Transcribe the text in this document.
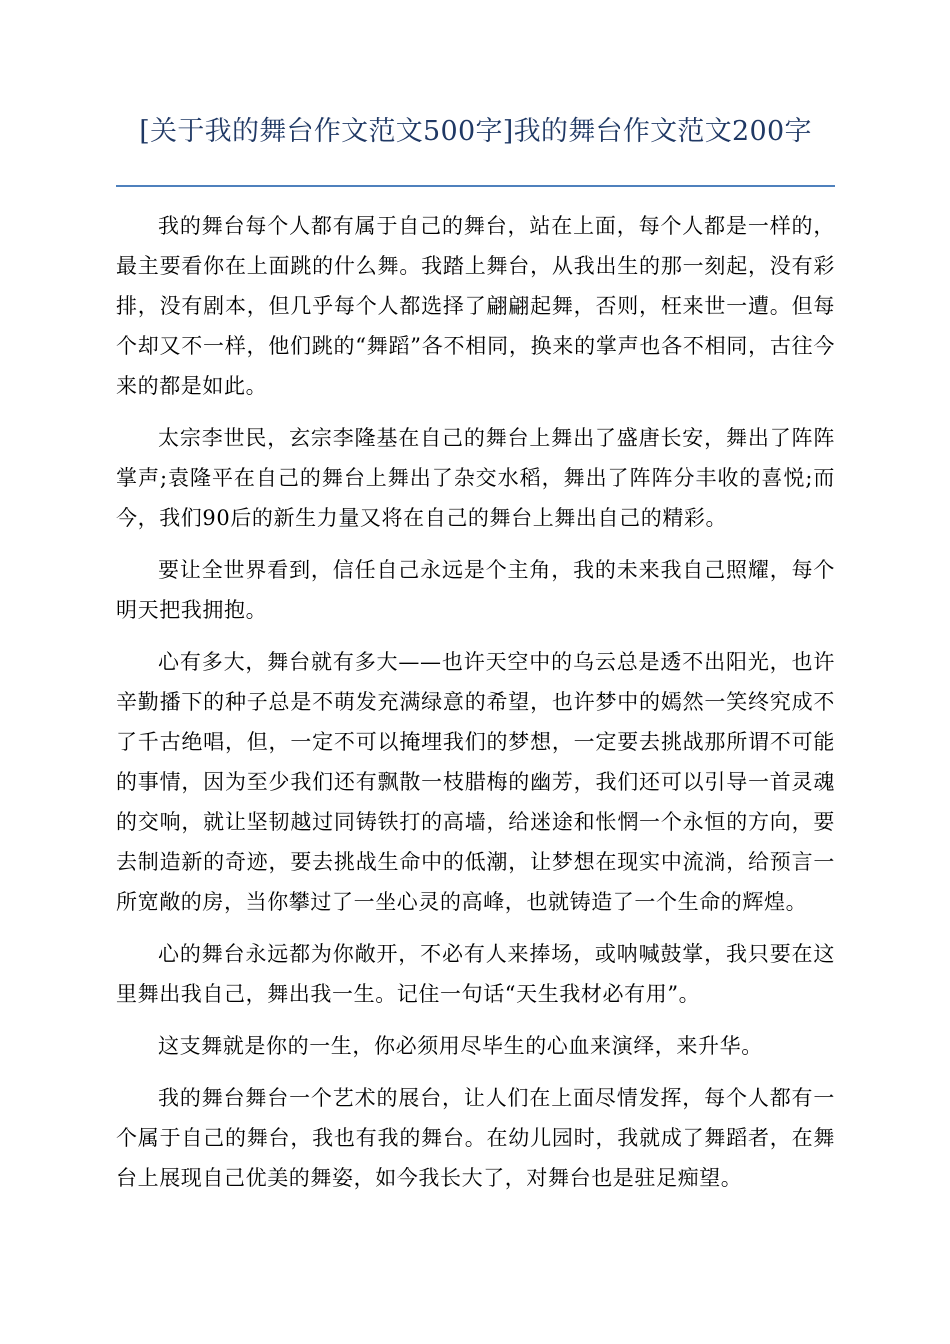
[关于我的舞台作文范文500字]我的舞台作文范文200字

我的舞台每个人都有属于自己的舞台，站在上面，每个人都是一样的，最主要看你在上面跳的什么舞。我踏上舞台，从我出生的那一刻起，没有彩排，没有剧本，但几乎每个人都选择了翩翩起舞，否则，枉来世一遭。但每个却又不一样，他们跳的“舞蹈”各不相同，换来的掌声也各不相同，古往今来的都是如此。

太宗李世民，玄宗李隆基在自己的舞台上舞出了盛唐长安，舞出了阵阵掌声;袁隆平在自己的舞台上舞出了杂交水稻，舞出了阵阵分丰收的喜悦;而今，我们90后的新生力量又将在自己的舞台上舞出自己的精彩。

要让全世界看到，信任自己永远是个主角，我的未来我自己照耀，每个明天把我拥抱。

心有多大，舞台就有多大——也许天空中的乌云总是透不出阳光，也许辛勤播下的种子总是不萌发充满绿意的希望，也许梦中的嫣然一笑终究成不了千古绝唱，但，一定不可以掩埋我们的梦想，一定要去挑战那所谓不可能的事情，因为至少我们还有飘散一枝腊梅的幽芳，我们还可以引导一首灵魂的交响，就让坚韧越过同铸铁打的高墙，给迷途和怅惘一个永恒的方向，要去制造新的奇迹，要去挑战生命中的低潮，让梦想在现实中流淌，给预言一所宽敞的房，当你攀过了一坐心灵的高峰，也就铸造了一个生命的辉煌。

心的舞台永远都为你敞开，不必有人来捧场，或呐喊鼓掌，我只要在这里舞出我自己，舞出我一生。记住一句话“天生我材必有用”。

这支舞就是你的一生，你必须用尽毕生的心血来演绎，来升华。

我的舞台舞台一个艺术的展台，让人们在上面尽情发挥，每个人都有一个属于自己的舞台，我也有我的舞台。在幼儿园时，我就成了舞蹈者，在舞台上展现自己优美的舞姿，如今我长大了，对舞台也是驻足痴望。
